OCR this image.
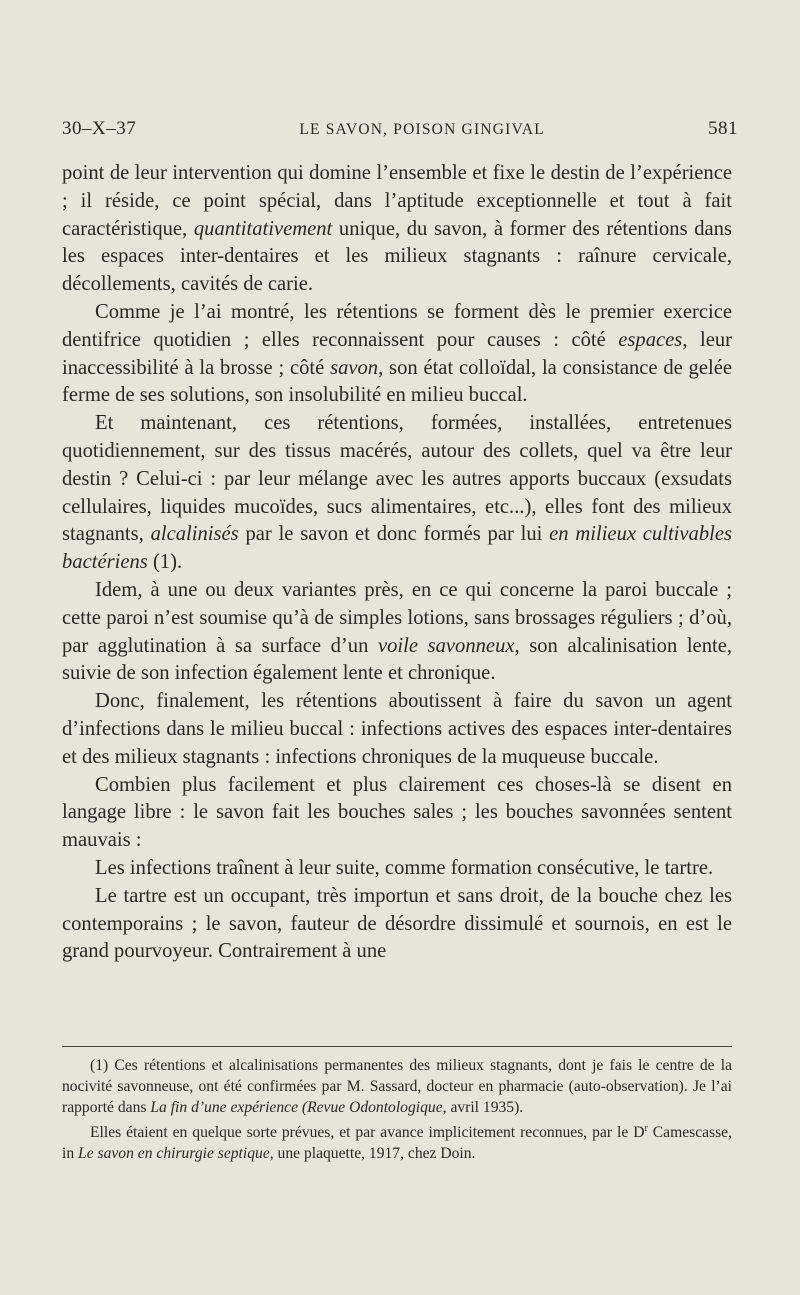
30–X–37	LE SAVON, POISON GINGIVAL	581

point de leur intervention qui domine l’ensemble et fixe le destin de l’expérience ; il réside, ce point spécial, dans l’aptitude exceptionnelle et tout à fait caractéristique, quantitativement unique, du savon, à former des rétentions dans les espaces inter-dentaires et les milieux stagnants : raînure cervicale, décollements, cavités de carie.

Comme je l’ai montré, les rétentions se forment dès le premier exercice dentifrice quotidien ; elles reconnaissent pour causes : côté espaces, leur inaccessibilité à la brosse ; côté savon, son état colloïdal, la consistance de gelée ferme de ses solutions, son insolubilité en milieu buccal.

Et maintenant, ces rétentions, formées, installées, entretenues quotidiennement, sur des tissus macérés, autour des collets, quel va être leur destin ? Celui-ci : par leur mélange avec les autres apports buccaux (exsudats cellulaires, liquides mucoïdes, sucs alimentaires, etc...), elles font des milieux stagnants, alcalinisés par le savon et donc formés par lui en milieux cultivables bactériens (1).

Idem, à une ou deux variantes près, en ce qui concerne la paroi buccale ; cette paroi n’est soumise qu’à de simples lotions, sans brossages réguliers ; d’où, par agglutination à sa surface d’un voile savonneux, son alcalinisation lente, suivie de son infection également lente et chronique.

Donc, finalement, les rétentions aboutissent à faire du savon un agent d’infections dans le milieu buccal : infections actives des espaces inter-dentaires et des milieux stagnants : infections chroniques de la muqueuse buccale.

Combien plus facilement et plus clairement ces choses-là se disent en langage libre : le savon fait les bouches sales ; les bouches savonnées sentent mauvais :

Les infections traînent à leur suite, comme formation consécutive, le tartre.

Le tartre est un occupant, très importun et sans droit, de la bouche chez les contemporains ; le savon, fauteur de désordre dissimulé et sournois, en est le grand pourvoyeur. Contrairement à une

(1) Ces rétentions et alcalinisations permanentes des milieux stagnants, dont je fais le centre de la nocivité savonneuse, ont été confirmées par M. Sassard, docteur en pharmacie (auto-observation). Je l’ai rapporté dans La fin d’une expérience (Revue Odontologique, avril 1935).

Elles étaient en quelque sorte prévues, et par avance implicitement reconnues, par le $D^r$ Camescasse, in Le savon en chirurgie septique, une plaquette, 1917, chez Doin.
